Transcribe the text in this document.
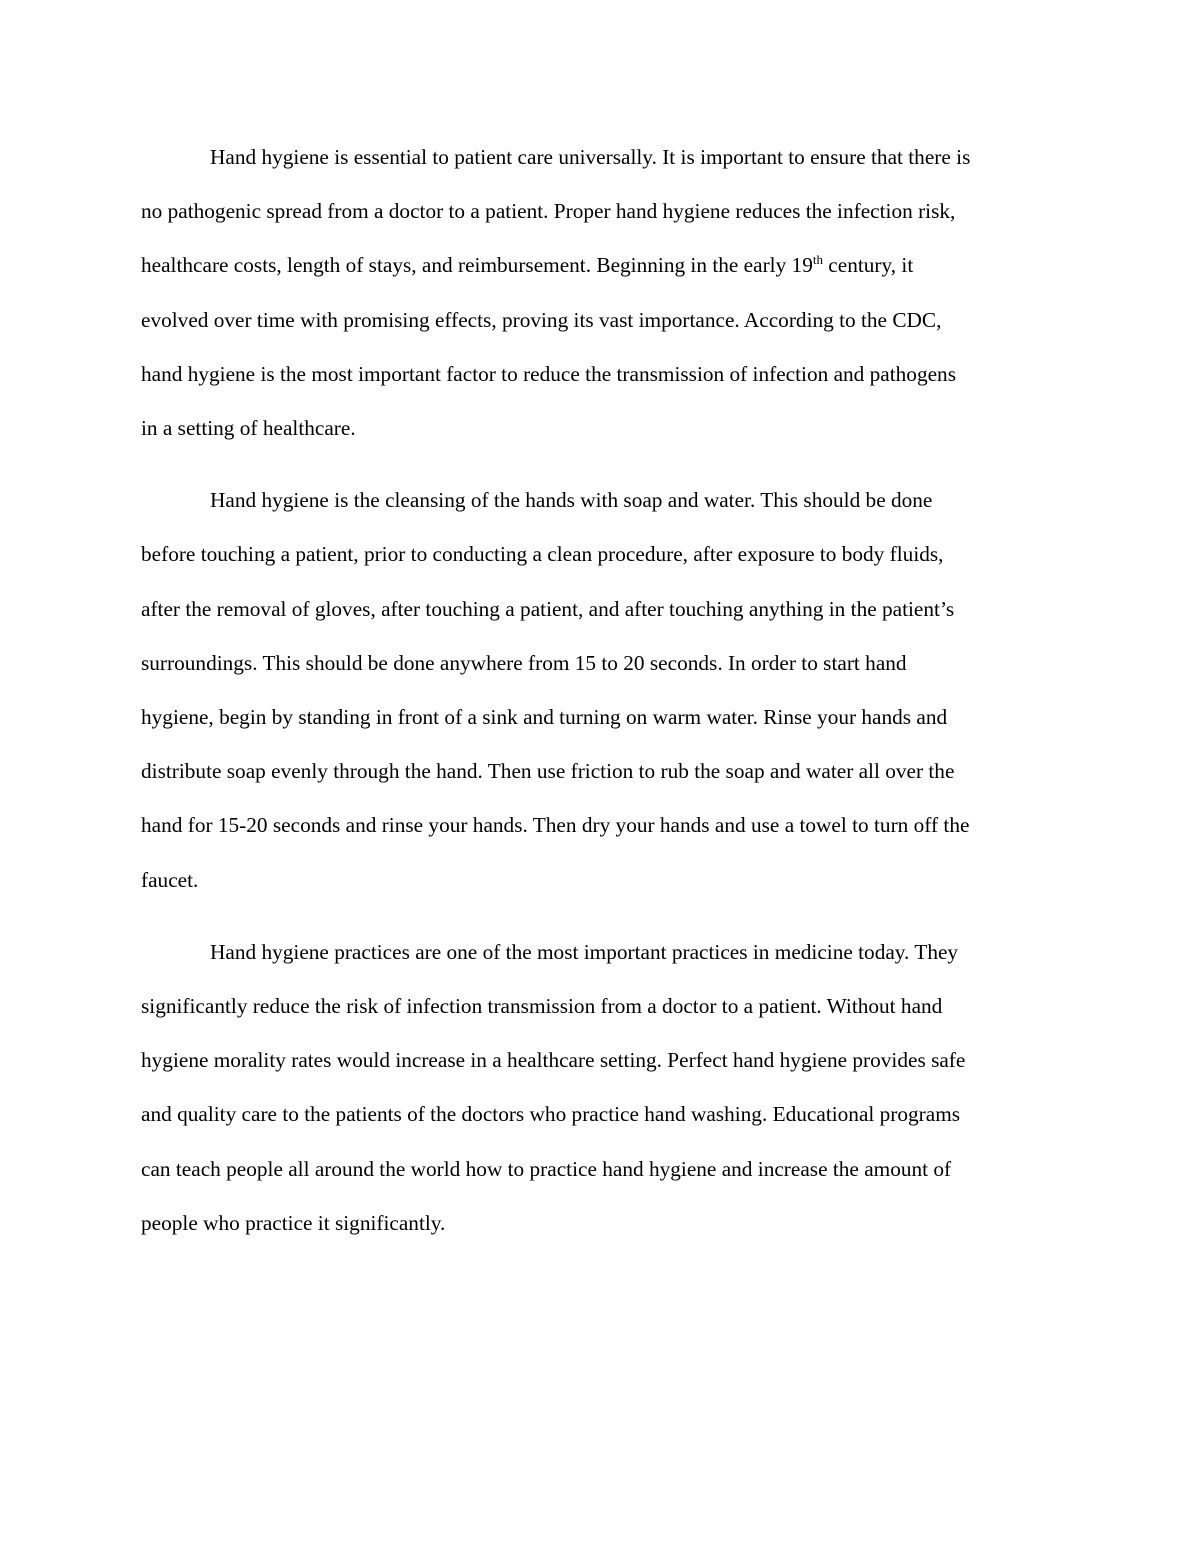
Hand hygiene is essential to patient care universally. It is important to ensure that there is
no pathogenic spread from a doctor to a patient. Proper hand hygiene reduces the infection risk,
healthcare costs, length of stays, and reimbursement. Beginning in the early 19th century, it
evolved over time with promising effects, proving its vast importance. According to the CDC,
hand hygiene is the most important factor to reduce the transmission of infection and pathogens
in a setting of healthcare.

Hand hygiene is the cleansing of the hands with soap and water. This should be done
before touching a patient, prior to conducting a clean procedure, after exposure to body fluids,
after the removal of gloves, after touching a patient, and after touching anything in the patient’s
surroundings. This should be done anywhere from 15 to 20 seconds. In order to start hand
hygiene, begin by standing in front of a sink and turning on warm water. Rinse your hands and
distribute soap evenly through the hand. Then use friction to rub the soap and water all over the
hand for 15-20 seconds and rinse your hands. Then dry your hands and use a towel to turn off the
faucet.

Hand hygiene practices are one of the most important practices in medicine today. They
significantly reduce the risk of infection transmission from a doctor to a patient. Without hand
hygiene morality rates would increase in a healthcare setting. Perfect hand hygiene provides safe
and quality care to the patients of the doctors who practice hand washing. Educational programs
can teach people all around the world how to practice hand hygiene and increase the amount of
people who practice it significantly.
